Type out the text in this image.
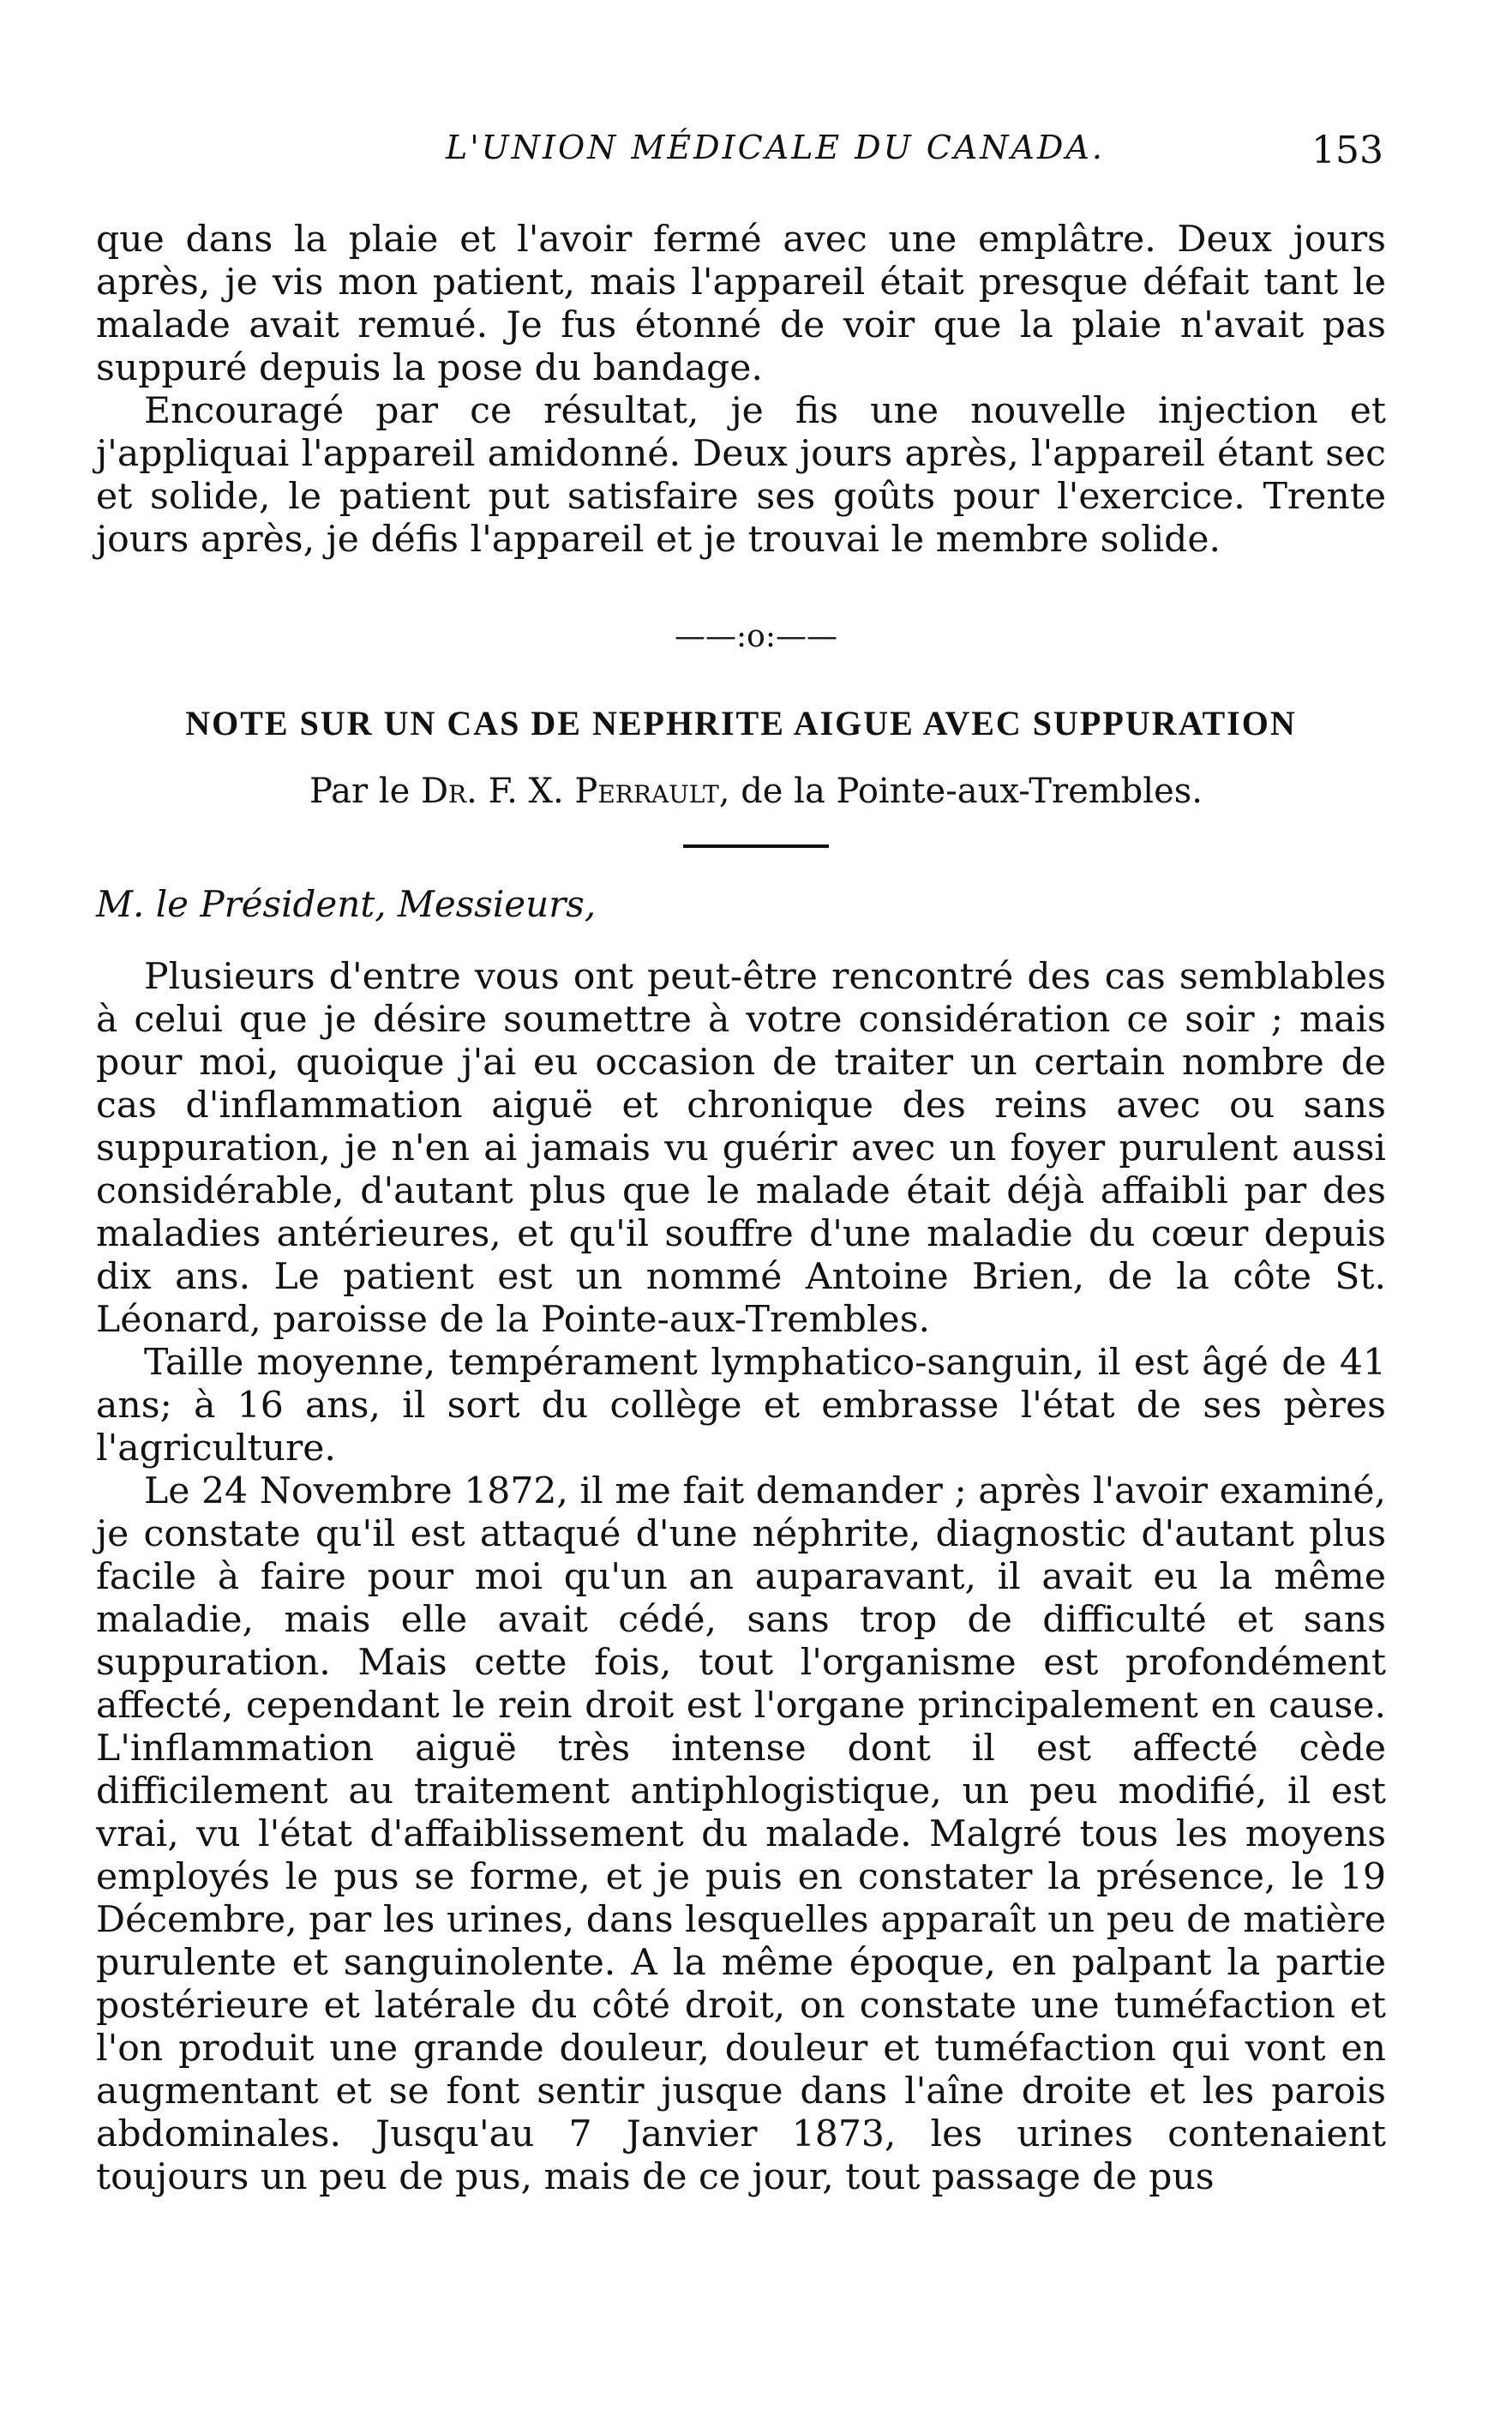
L'UNION MÉDICALE DU CANADA.	153

que dans la plaie et l'avoir fermé avec une emplâtre. Deux jours après, je vis mon patient, mais l'appareil était presque défait tant le malade avait remué. Je fus étonné de voir que la plaie n'avait pas suppuré depuis la pose du bandage.

Encouragé par ce résultat, je fis une nouvelle injection et j'appliquai l'appareil amidonné. Deux jours après, l'appareil étant sec et solide, le patient put satisfaire ses goûts pour l'exercice. Trente jours après, je défis l'appareil et je trouvai le membre solide.

——:o:——
NOTE SUR UN CAS DE NEPHRITE AIGUE AVEC SUPPURATION
Par le Dr. F. X. Perrault, de la Pointe-aux-Trembles.
M. le Président, Messieurs,

Plusieurs d'entre vous ont peut-être rencontré des cas semblables à celui que je désire soumettre à votre considération ce soir ; mais pour moi, quoique j'ai eu occasion de traiter un certain nombre de cas d'inflammation aiguë et chronique des reins avec ou sans suppuration, je n'en ai jamais vu guérir avec un foyer purulent aussi considérable, d'autant plus que le malade était déjà affaibli par des maladies antérieures, et qu'il souffre d'une maladie du cœur depuis dix ans. Le patient est un nommé Antoine Brien, de la côte St. Léonard, paroisse de la Pointe-aux-Trembles.

Taille moyenne, tempérament lymphatico-sanguin, il est âgé de 41 ans; à 16 ans, il sort du collège et embrasse l'état de ses pères l'agriculture.

Le 24 Novembre 1872, il me fait demander ; après l'avoir examiné, je constate qu'il est attaqué d'une néphrite, diagnostic d'autant plus facile à faire pour moi qu'un an auparavant, il avait eu la même maladie, mais elle avait cédé, sans trop de difficulté et sans suppuration. Mais cette fois, tout l'organisme est profondément affecté, cependant le rein droit est l'organe principalement en cause. L'inflammation aiguë très intense dont il est affecté cède difficilement au traitement antiphlogistique, un peu modifié, il est vrai, vu l'état d'affaiblissement du malade. Malgré tous les moyens employés le pus se forme, et je puis en constater la présence, le 19 Décembre, par les urines, dans lesquelles apparaît un peu de matière purulente et sanguinolente. A la même époque, en palpant la partie postérieure et latérale du côté droit, on constate une tuméfaction et l'on produit une grande douleur, douleur et tuméfaction qui vont en augmentant et se font sentir jusque dans l'aîne droite et les parois abdominales. Jusqu'au 7 Janvier 1873, les urines contenaient toujours un peu de pus, mais de ce jour, tout passage de pus
